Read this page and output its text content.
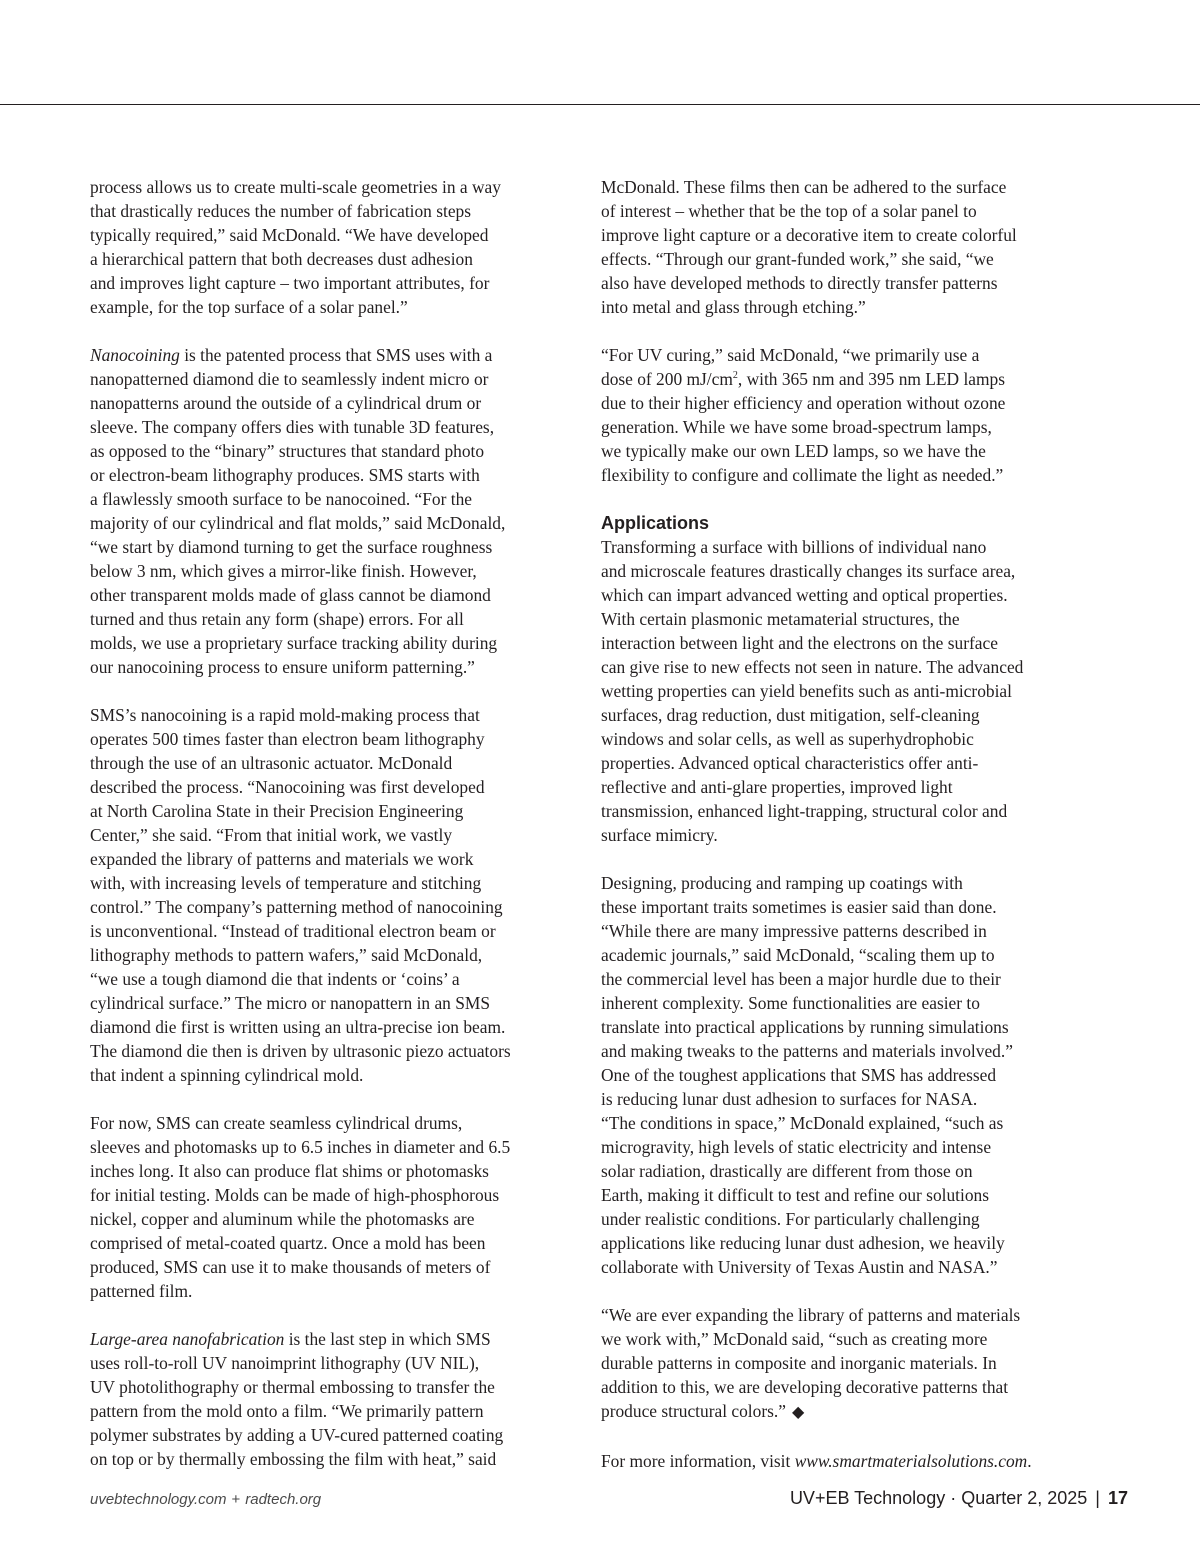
process allows us to create multi-scale geometries in a way
that drastically reduces the number of fabrication steps
typically required,” said McDonald. “We have developed
a hierarchical pattern that both decreases dust adhesion
and improves light capture – two important attributes, for
example, for the top surface of a solar panel.”

Nanocoining is the patented process that SMS uses with a
nanopatterned diamond die to seamlessly indent micro or
nanopatterns around the outside of a cylindrical drum or
sleeve. The company offers dies with tunable 3D features,
as opposed to the “binary” structures that standard photo
or electron-beam lithography produces. SMS starts with
a flawlessly smooth surface to be nanocoined. “For the
majority of our cylindrical and flat molds,” said McDonald,
“we start by diamond turning to get the surface roughness
below 3 nm, which gives a mirror-like finish. However,
other transparent molds made of glass cannot be diamond
turned and thus retain any form (shape) errors. For all
molds, we use a proprietary surface tracking ability during
our nanocoining process to ensure uniform patterning.”

SMS’s nanocoining is a rapid mold-making process that
operates 500 times faster than electron beam lithography
through the use of an ultrasonic actuator. McDonald
described the process. “Nanocoining was first developed
at North Carolina State in their Precision Engineering
Center,” she said. “From that initial work, we vastly
expanded the library of patterns and materials we work
with, with increasing levels of temperature and stitching
control.” The company’s patterning method of nanocoining
is unconventional. “Instead of traditional electron beam or
lithography methods to pattern wafers,” said McDonald,
“we use a tough diamond die that indents or ‘coins’ a
cylindrical surface.” The micro or nanopattern in an SMS
diamond die first is written using an ultra-precise ion beam.
The diamond die then is driven by ultrasonic piezo actuators
that indent a spinning cylindrical mold.

For now, SMS can create seamless cylindrical drums,
sleeves and photomasks up to 6.5 inches in diameter and 6.5
inches long. It also can produce flat shims or photomasks
for initial testing. Molds can be made of high-phosphorous
nickel, copper and aluminum while the photomasks are
comprised of metal-coated quartz. Once a mold has been
produced, SMS can use it to make thousands of meters of
patterned film.

Large-area nanofabrication is the last step in which SMS
uses roll-to-roll UV nanoimprint lithography (UV NIL),
UV photolithography or thermal embossing to transfer the
pattern from the mold onto a film. “We primarily pattern
polymer substrates by adding a UV-cured patterned coating
on top or by thermally embossing the film with heat,” said

McDonald. These films then can be adhered to the surface
of interest – whether that be the top of a solar panel to
improve light capture or a decorative item to create colorful
effects. “Through our grant-funded work,” she said, “we
also have developed methods to directly transfer patterns
into metal and glass through etching.”

“For UV curing,” said McDonald, “we primarily use a
dose of 200 $mJ/cm^2$, with 365 nm and 395 nm LED lamps
due to their higher efficiency and operation without ozone
generation. While we have some broad-spectrum lamps,
we typically make our own LED lamps, so we have the
flexibility to configure and collimate the light as needed.”

Applications

Transforming a surface with billions of individual nano
and microscale features drastically changes its surface area,
which can impart advanced wetting and optical properties.
With certain plasmonic metamaterial structures, the
interaction between light and the electrons on the surface
can give rise to new effects not seen in nature. The advanced
wetting properties can yield benefits such as anti-microbial
surfaces, drag reduction, dust mitigation, self-cleaning
windows and solar cells, as well as superhydrophobic
properties. Advanced optical characteristics offer anti-
reflective and anti-glare properties, improved light
transmission, enhanced light-trapping, structural color and
surface mimicry.

Designing, producing and ramping up coatings with
these important traits sometimes is easier said than done.
“While there are many impressive patterns described in
academic journals,” said McDonald, “scaling them up to
the commercial level has been a major hurdle due to their
inherent complexity. Some functionalities are easier to
translate into practical applications by running simulations
and making tweaks to the patterns and materials involved.”
One of the toughest applications that SMS has addressed
is reducing lunar dust adhesion to surfaces for NASA.
“The conditions in space,” McDonald explained, “such as
microgravity, high levels of static electricity and intense
solar radiation, drastically are different from those on
Earth, making it difficult to test and refine our solutions
under realistic conditions. For particularly challenging
applications like reducing lunar dust adhesion, we heavily
collaborate with University of Texas Austin and NASA.”

“We are ever expanding the library of patterns and materials
we work with,” McDonald said, “such as creating more
durable patterns in composite and inorganic materials. In
addition to this, we are developing decorative patterns that
produce structural colors.” ◆

For more information, visit www.smartmaterialsolutions.com.

uvebtechnology.com + radtech.org	UV+EB Technology · Quarter 2, 2025 | 17
